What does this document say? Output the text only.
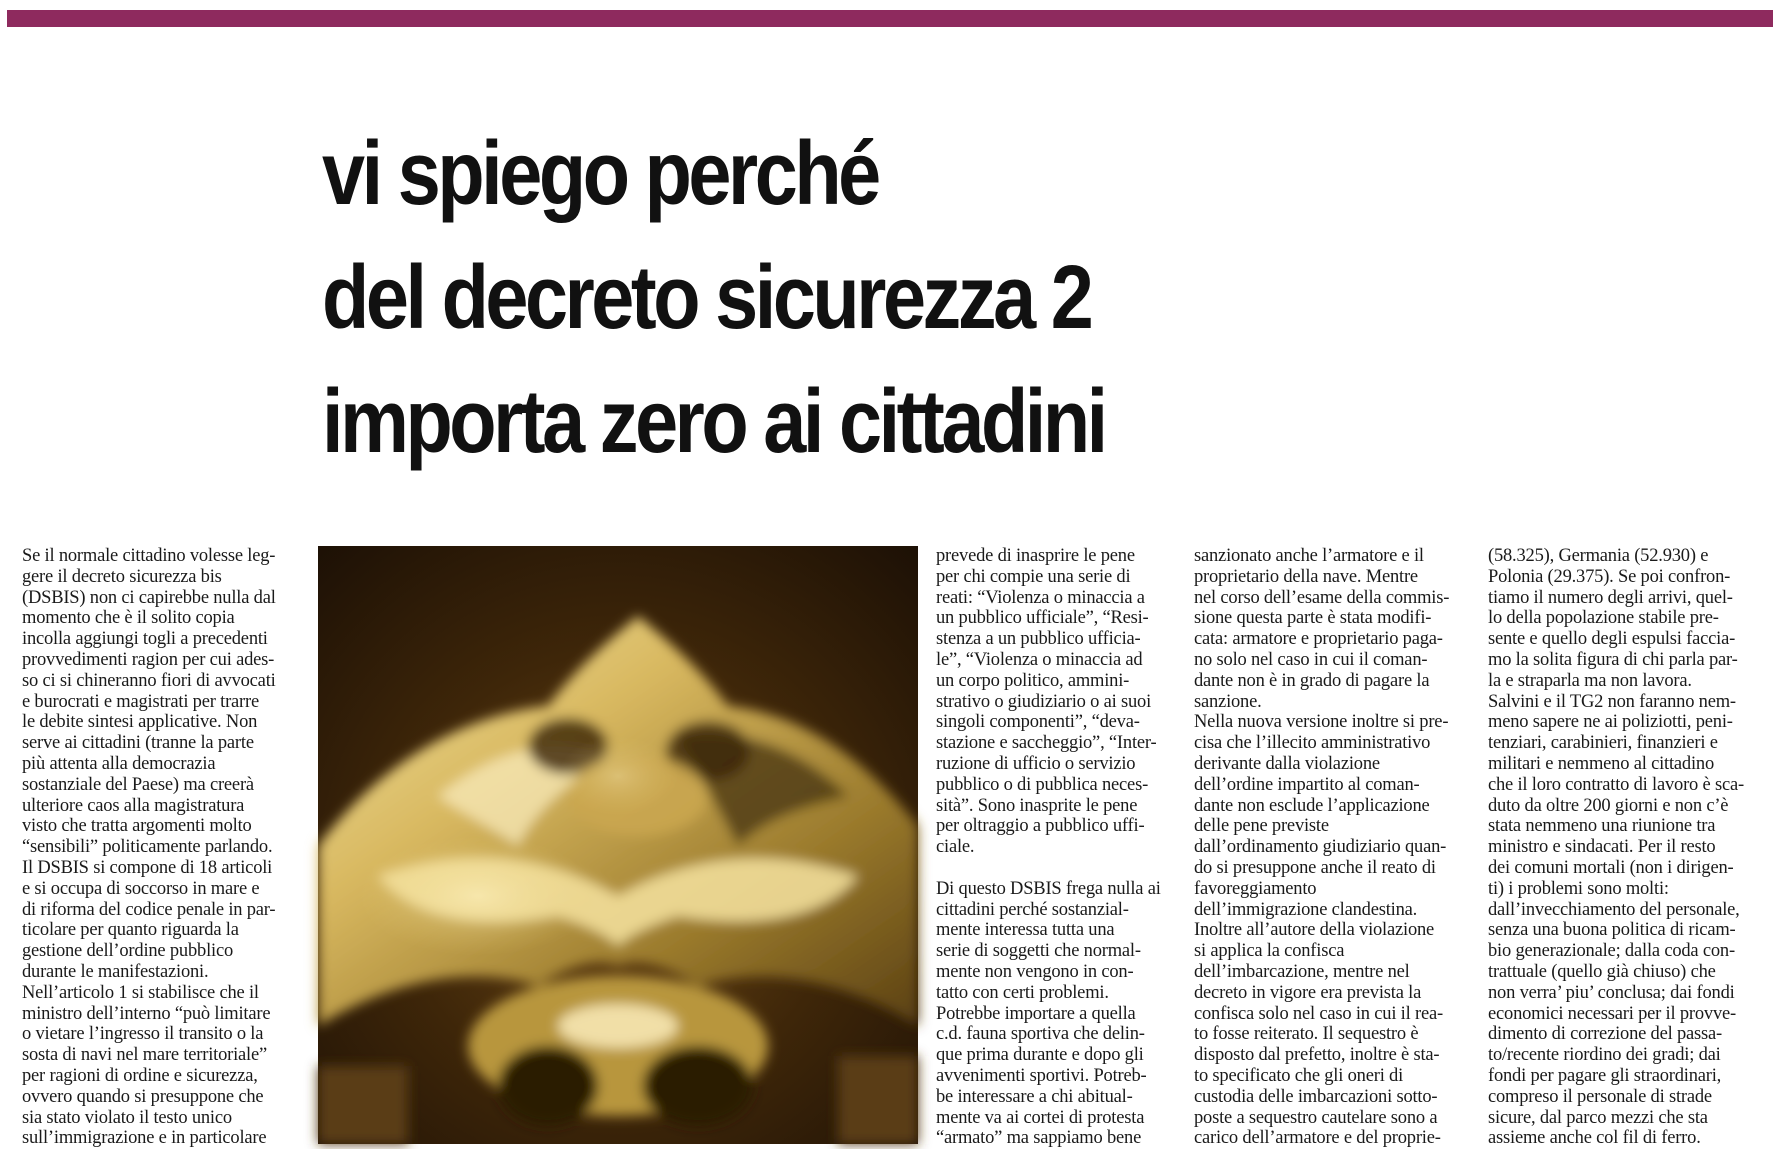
vi spiego perché
del decreto sicurezza 2
importa zero ai cittadini
Se il normale cittadino volesse leg-
gere il decreto sicurezza bis
(DSBIS) non ci capirebbe nulla dal
momento che è il solito copia
incolla aggiungi togli a precedenti
provvedimenti ragion per cui ades-
so ci si chineranno fiori di avvocati
e burocrati e magistrati per trarre
le debite sintesi applicative. Non
serve ai cittadini (tranne la parte
più attenta alla democrazia
sostanziale del Paese) ma creerà
ulteriore caos alla magistratura
visto che tratta argomenti molto
“sensibili” politicamente parlando.
Il DSBIS si compone di 18 articoli
e si occupa di soccorso in mare e
di riforma del codice penale in par-
ticolare per quanto riguarda la
gestione dell’ordine pubblico
durante le manifestazioni.
Nell’articolo 1 si stabilisce che il
ministro dell’interno “può limitare
o vietare l’ingresso il transito o la
sosta di navi nel mare territoriale”
per ragioni di ordine e sicurezza,
ovvero quando si presuppone che
sia stato violato il testo unico
sull’immigrazione e in particolare
prevede di inasprire le pene
per chi compie una serie di
reati: “Violenza o minaccia a
un pubblico ufficiale”, “Resi-
stenza a un pubblico ufficia-
le”, “Violenza o minaccia ad
un corpo politico, ammini-
strativo o giudiziario o ai suoi
singoli componenti”, “deva-
stazione e saccheggio”, “Inter-
ruzione di ufficio o servizio
pubblico o di pubblica neces-
sità”. Sono inasprite le pene
per oltraggio a pubblico uffi-
ciale.
Di questo DSBIS frega nulla ai
cittadini perché sostanzial-
mente interessa tutta una
serie di soggetti che normal-
mente non vengono in con-
tatto con certi problemi.
Potrebbe importare a quella
c.d. fauna sportiva che delin-
que prima durante e dopo gli
avvenimenti sportivi. Potreb-
be interessare a chi abitual-
mente va ai cortei di protesta
“armato” ma sappiamo bene
sanzionato anche l’armatore e il
proprietario della nave. Mentre
nel corso dell’esame della commis-
sione questa parte è stata modifi-
cata: armatore e proprietario paga-
no solo nel caso in cui il coman-
dante non è in grado di pagare la
sanzione.
Nella nuova versione inoltre si pre-
cisa che l’illecito amministrativo
derivante dalla violazione
dell’ordine impartito al coman-
dante non esclude l’applicazione
delle pene previste
dall’ordinamento giudiziario quan-
do si presuppone anche il reato di
favoreggiamento
dell’immigrazione clandestina.
Inoltre all’autore della violazione
si applica la confisca
dell’imbarcazione, mentre nel
decreto in vigore era prevista la
confisca solo nel caso in cui il rea-
to fosse reiterato. Il sequestro è
disposto dal prefetto, inoltre è sta-
to specificato che gli oneri di
custodia delle imbarcazioni sotto-
poste a sequestro cautelare sono a
carico dell’armatore e del proprie-
(58.325), Germania (52.930) e
Polonia (29.375). Se poi confron-
tiamo il numero degli arrivi, quel-
lo della popolazione stabile pre-
sente e quello degli espulsi faccia-
mo la solita figura di chi parla par-
la e straparla ma non lavora.
Salvini e il TG2 non faranno nem-
meno sapere ne ai poliziotti, peni-
tenziari, carabinieri, finanzieri e
militari e nemmeno al cittadino
che il loro contratto di lavoro è sca-
duto da oltre 200 giorni e non c’è
stata nemmeno una riunione tra
ministro e sindacati. Per il resto
dei comuni mortali (non i dirigen-
ti) i problemi sono molti:
dall’invecchiamento del personale,
senza una buona politica di ricam-
bio generazionale; dalla coda con-
trattuale (quello già chiuso) che
non verra’ piu’ conclusa; dai fondi
economici necessari per il provve-
dimento di correzione del passa-
to/recente riordino dei gradi; dai
fondi per pagare gli straordinari,
compreso il personale di strade
sicure, dal parco mezzi che sta
assieme anche col fil di ferro.
